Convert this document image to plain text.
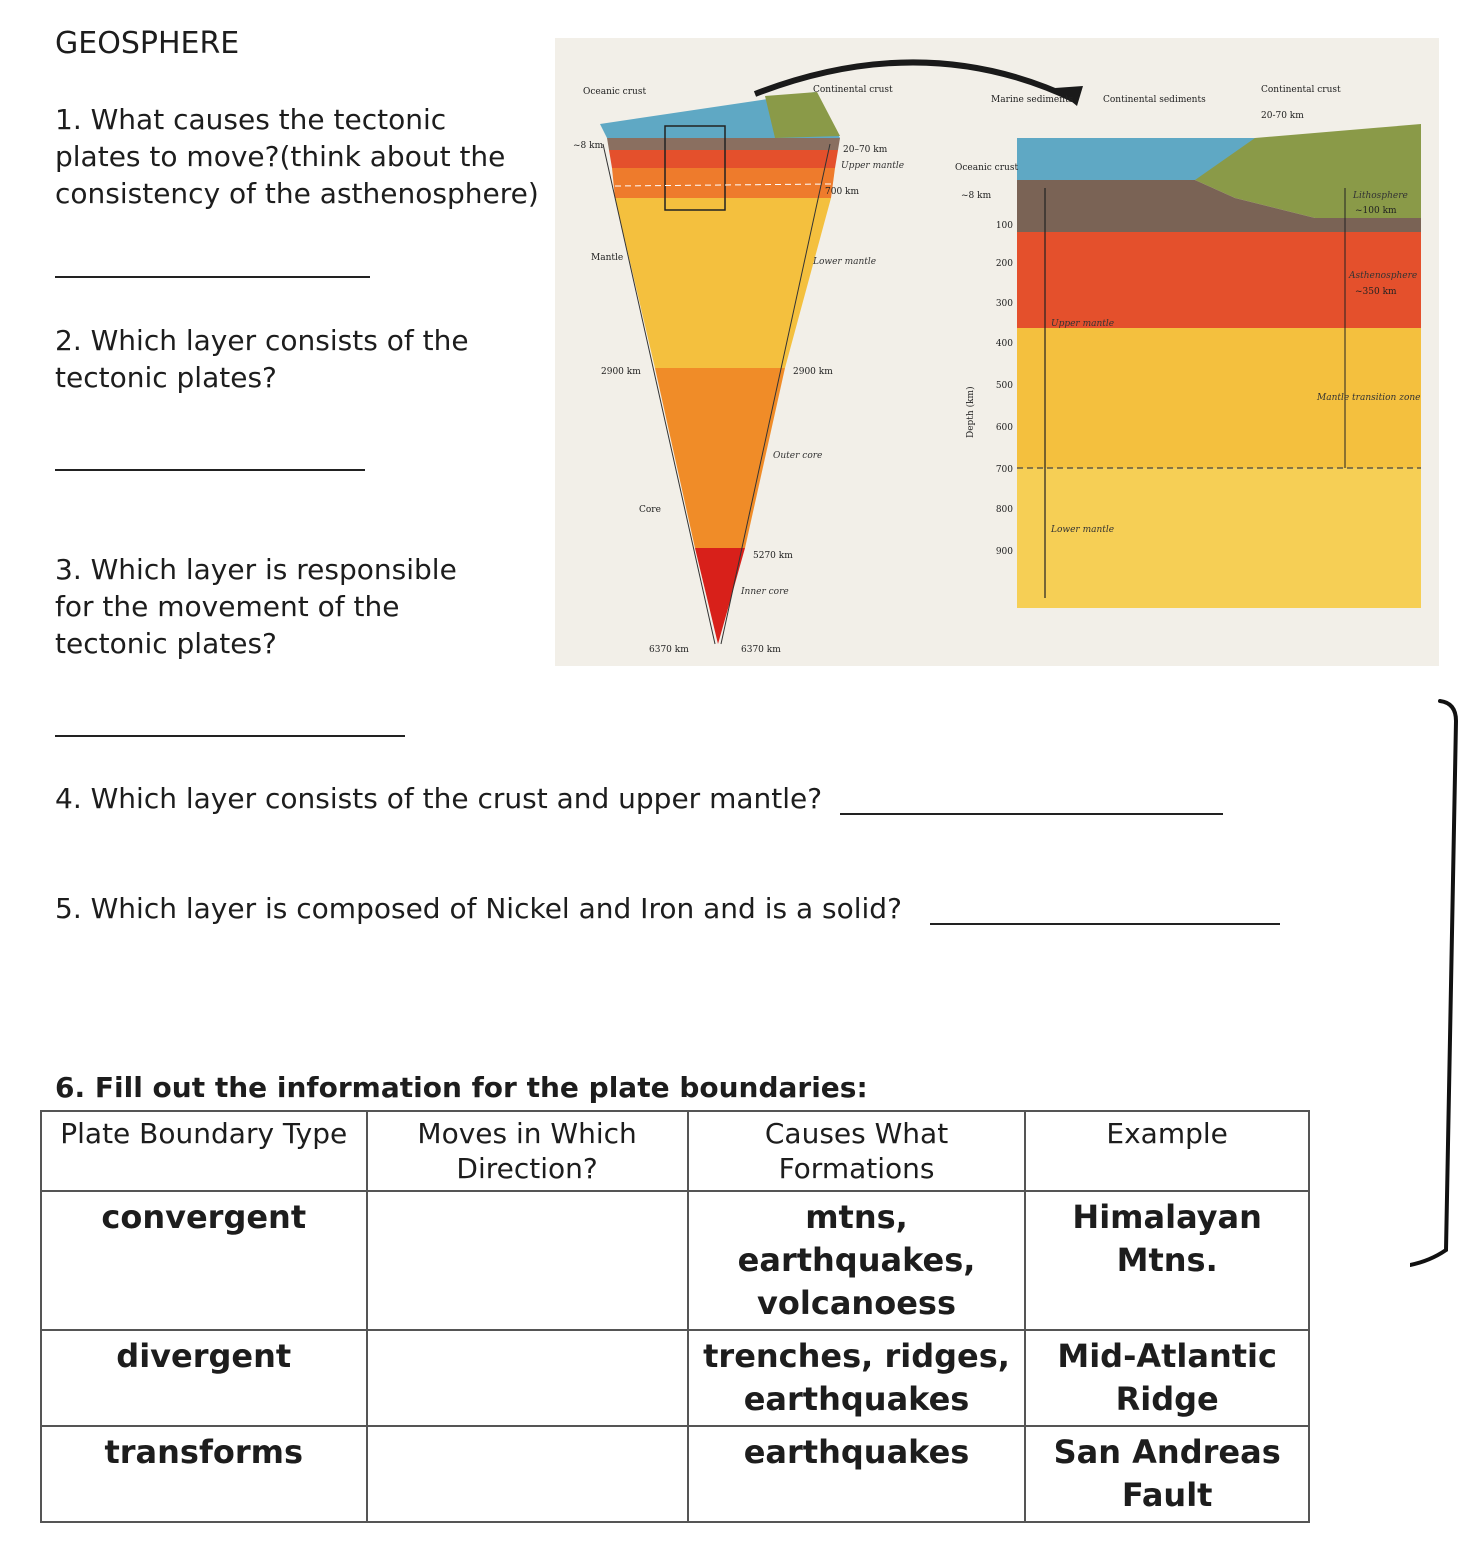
GEOSPHERE
1. What causes the tectonic
plates to move?(think about the
consistency of the asthenosphere)
2. Which layer consists of the
tectonic plates?
3. Which layer is responsible
for the movement of the
tectonic plates?
4. Which layer consists of the crust and upper mantle?
5. Which layer is composed of Nickel and Iron and is a solid?
Oceanic crust	Continental crust
~8 km	20–70 km
Upper mantle
700 km
Mantle	Lower mantle
2900 km	2900 km
Outer core
Core
5270 km
Inner core
6370 km	6370 km
Marine sediments	Continental sediments
Continental crust
20-70 km
Oceanic crust
~8 km	Lithosphere
~100 km
Asthenosphere
~350 km
Mantle transition zone
Upper mantle
Lower mantle
Depth (km)
100
200
300
400
500
600
700
800
900
6. Fill out the information for the plate boundaries:
Plate Boundary Type	Moves in Which Direction?	Causes What Formations	Example
convergent		mtns, earthquakes, volcanoess	Himalayan Mtns.
divergent		trenches, ridges, earthquakes	Mid-Atlantic Ridge
transforms		earthquakes	San Andreas Fault
